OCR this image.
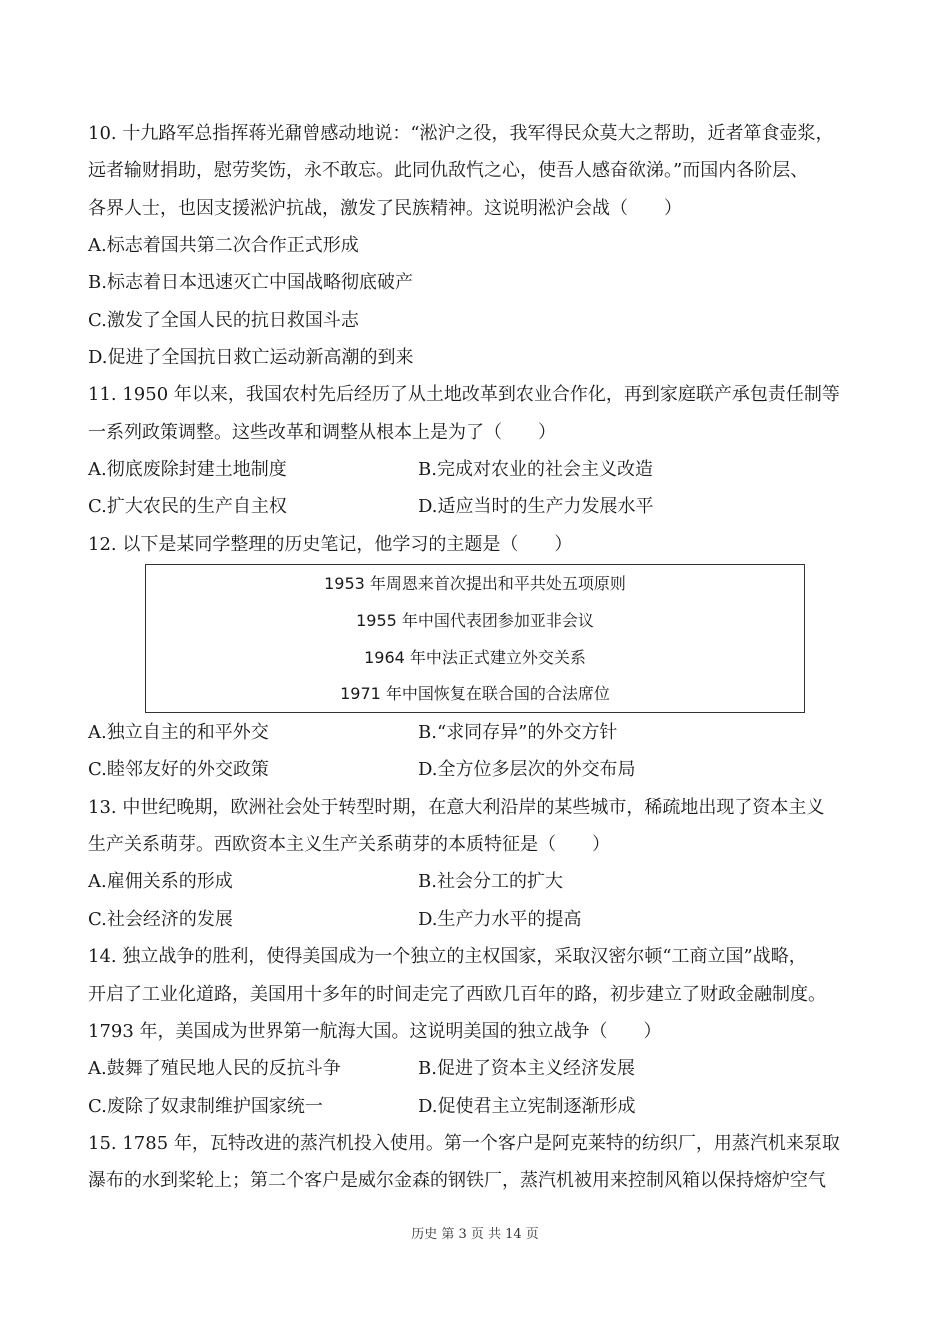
10. 十九路军总指挥蒋光鼐曾感动地说：“淞沪之役，我军得民众莫大之帮助，近者箪食壶浆，
远者输财捐助，慰劳奖饬，永不敢忘。此同仇敌忾之心，使吾人感奋欲涕。”而国内各阶层、
各界人士，也因支援淞沪抗战，激发了民族精神。这说明淞沪会战（　　）
A.标志着国共第二次合作正式形成
B.标志着日本迅速灭亡中国战略彻底破产
C.激发了全国人民的抗日救国斗志
D.促进了全国抗日救亡运动新高潮的到来
11. 1950 年以来，我国农村先后经历了从土地改革到农业合作化，再到家庭联产承包责任制等
一系列政策调整。这些改革和调整从根本上是为了（　　）
A.彻底废除封建土地制度	B.完成对农业的社会主义改造
C.扩大农民的生产自主权	D.适应当时的生产力发展水平
12. 以下是某同学整理的历史笔记，他学习的主题是（　　）
1953 年周恩来首次提出和平共处五项原则
1955 年中国代表团参加亚非会议
1964 年中法正式建立外交关系
1971 年中国恢复在联合国的合法席位
A.独立自主的和平外交	B.“求同存异”的外交方针
C.睦邻友好的外交政策	D.全方位多层次的外交布局
13. 中世纪晚期，欧洲社会处于转型时期，在意大利沿岸的某些城市，稀疏地出现了资本主义
生产关系萌芽。西欧资本主义生产关系萌芽的本质特征是（　　）
A.雇佣关系的形成	B.社会分工的扩大
C.社会经济的发展	D.生产力水平的提高
14. 独立战争的胜利，使得美国成为一个独立的主权国家，采取汉密尔顿“工商立国”战略，
开启了工业化道路，美国用十多年的时间走完了西欧几百年的路，初步建立了财政金融制度。
1793 年，美国成为世界第一航海大国。这说明美国的独立战争（　　）
A.鼓舞了殖民地人民的反抗斗争	B.促进了资本主义经济发展
C.废除了奴隶制维护国家统一	D.促使君主立宪制逐渐形成
15. 1785 年，瓦特改进的蒸汽机投入使用。第一个客户是阿克莱特的纺织厂，用蒸汽机来泵取
瀑布的水到桨轮上；第二个客户是威尔金森的钢铁厂，蒸汽机被用来控制风箱以保持熔炉空气
历史 第 3 页 共 14 页
